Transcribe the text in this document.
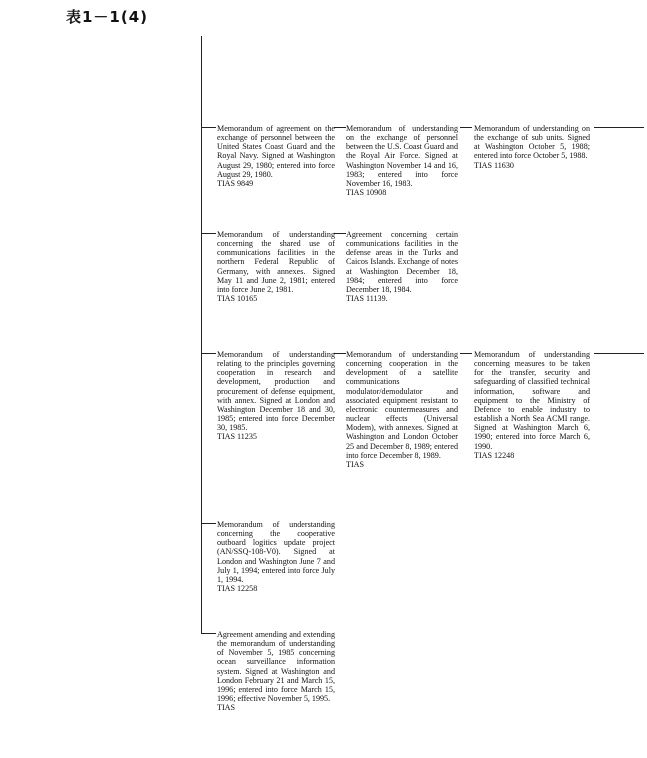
表1－1(4)
Memorandum of agreement on the exchange of personnel between the United States Coast Guard and the Royal Navy. Signed at Washington August 29, 1980; entered into force August 29, 1980.
TIAS 9849
Memorandum of understanding on the exchange of personnel between the U.S. Coast Guard and the Royal Air Force. Signed at Washington November 14 and 16, 1983; entered into force November 16, 1983.
TIAS 10908
Memorandum of understanding on the exchange of sub units. Signed at Washington October 5, 1988; entered into force October 5, 1988.
TIAS 11630
Memorandum of understanding concerning the shared use of communications facilities in the northern Federal Republic of Germany, with annexes. Signed May 11 and June 2, 1981; entered into force June 2, 1981.
TIAS 10165
Agreement concerning certain communications facilities in the defense areas in the Turks and Caicos Islands. Exchange of notes at Washington December 18, 1984; entered into force December 18, 1984.
TIAS 11139.
Memorandum of understanding relating to the principles governing cooperation in research and development, production and procurement of defense equipment, with annex. Signed at London and Washington December 18 and 30, 1985; entered into force December 30, 1985.
TIAS 11235
Memorandum of understanding concerning cooperation in the development of a satellite communications modulator/demodulator and associated equipment resistant to electronic countermeasures and nuclear effects (Universal Modem), with annexes. Signed at Washington and London October 25 and December 8, 1989; entered into force December 8, 1989.
TIAS
Memorandum of understanding concerning measures to be taken for the transfer, security and safeguarding of classified technical information, software and equipment to the Ministry of Defence to enable industry to establish a North Sea ACMI range. Signed at Washington March 6, 1990; entered into force March 6, 1990.
TIAS 12248
Memorandum of understanding concerning the cooperative outboard logitics update project (AN/SSQ-108-V0). Signed at London and Washington June 7 and July 1, 1994; entered into force July 1, 1994.
TIAS 12258
Agreement amending and extending the memorandum of understanding of November 5, 1985 concerning ocean surveillance information system. Signed at Washington and London February 21 and March 15, 1996; entered into force March 15, 1996; effective November 5, 1995.
TIAS
